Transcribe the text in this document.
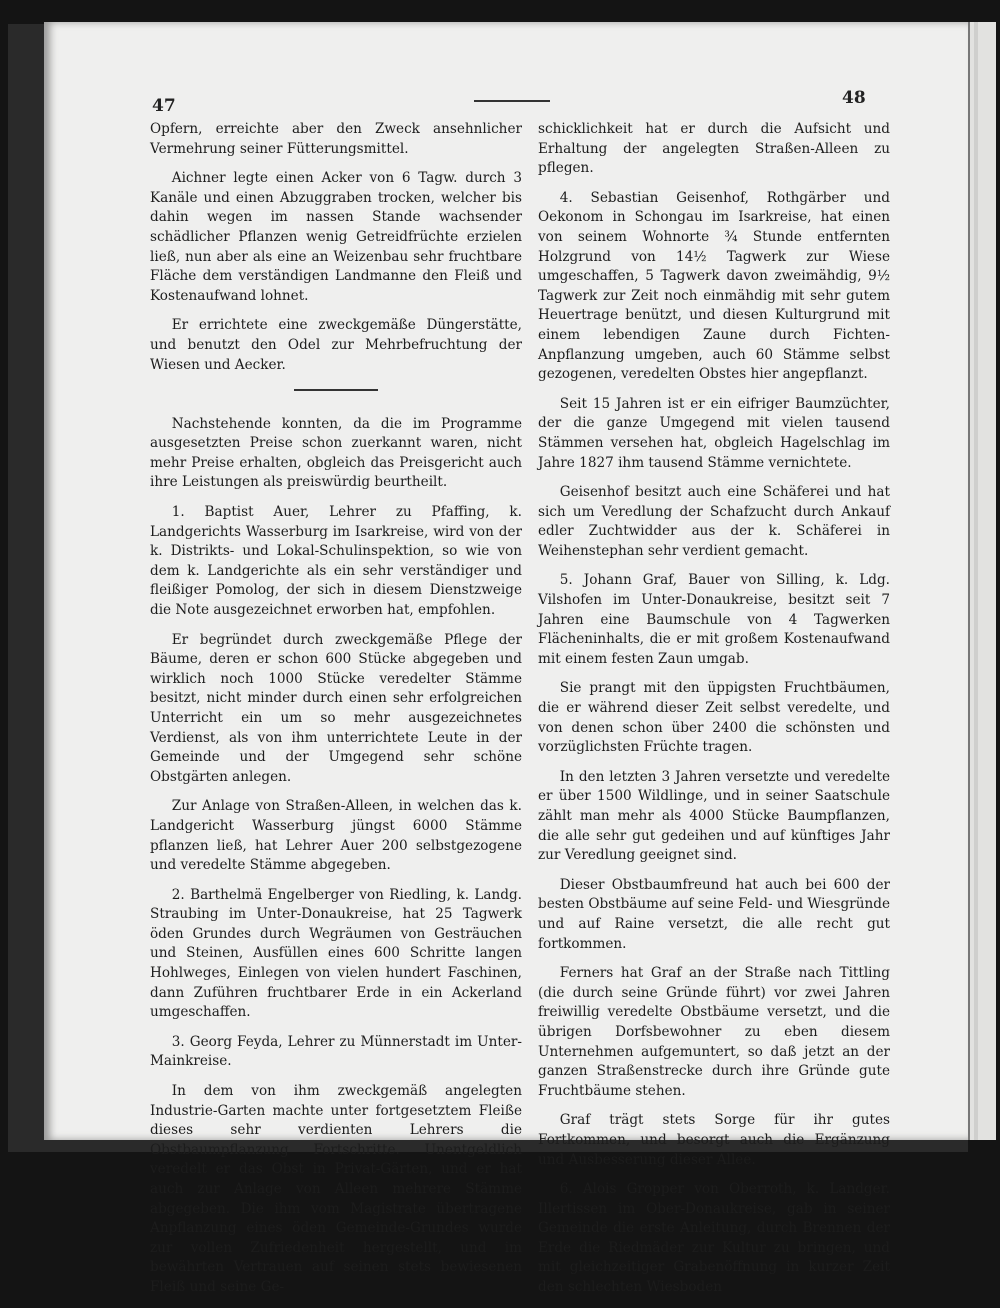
47	48

Opfern, erreichte aber den Zweck ansehnlicher Vermehrung seiner Fütterungsmittel.

Aichner legte einen Acker von 6 Tagw. durch 3 Kanäle und einen Abzuggraben trocken, welcher bis dahin wegen im nassen Stande wachsender schädlicher Pflanzen wenig Getreidfrüchte erzielen ließ, nun aber als eine an Weizenbau sehr fruchtbare Fläche dem verständigen Landmanne den Fleiß und Kostenaufwand lohnet.

Er errichtete eine zweckgemäße Düngerstätte, und benutzt den Odel zur Mehrbefruchtung der Wiesen und Aecker.

Nachstehende konnten, da die im Programme ausgesetzten Preise schon zuerkannt waren, nicht mehr Preise erhalten, obgleich das Preisgericht auch ihre Leistungen als preiswürdig beurtheilt.

1. Baptist Auer, Lehrer zu Pfaffing, k. Landgerichts Wasserburg im Isarkreise, wird von der k. Distrikts- und Lokal-Schulinspektion, so wie von dem k. Landgerichte als ein sehr verständiger und fleißiger Pomolog, der sich in diesem Dienstzweige die Note ausgezeichnet erworben hat, empfohlen.

Er begründet durch zweckgemäße Pflege der Bäume, deren er schon 600 Stücke abgegeben und wirklich noch 1000 Stücke veredelter Stämme besitzt, nicht minder durch einen sehr erfolgreichen Unterricht ein um so mehr ausgezeichnetes Verdienst, als von ihm unterrichtete Leute in der Gemeinde und der Umgegend sehr schöne Obstgärten anlegen.

Zur Anlage von Straßen-Alleen, in welchen das k. Landgericht Wasserburg jüngst 6000 Stämme pflanzen ließ, hat Lehrer Auer 200 selbstgezogene und veredelte Stämme abgegeben.

2. Barthelmä Engelberger von Riedling, k. Landg. Straubing im Unter-Donaukreise, hat 25 Tagwerk öden Grundes durch Wegräumen von Gesträuchen und Steinen, Ausfüllen eines 600 Schritte langen Hohlweges, Einlegen von vielen hundert Faschinen, dann Zuführen fruchtbarer Erde in ein Ackerland umgeschaffen.

3. Georg Feyda, Lehrer zu Münnerstadt im Unter-Mainkreise.

In dem von ihm zweckgemäß angelegten Industrie-Garten machte unter fortgesetztem Fleiße dieses sehr verdienten Lehrers die Obstbaumpflanzung Fortschritte. Unentgeldlich veredelt er das Obst in Privat-Gärten, und er hat auch zur Anlage von Alleen mehrere Stämme abgegeben. Die ihm vom Magistrate übertragene Anpflanzung eines öden Gemeinde-Grundes wurde zur vollen Zufriedenheit hergestellt, und im bewährten Vertrauen auf seinen stets bewiesenen Fleiß und seine Ge-

schicklichkeit hat er durch die Aufsicht und Erhaltung der angelegten Straßen-Alleen zu pflegen.

4. Sebastian Geisenhof, Rothgärber und Oekonom in Schongau im Isarkreise, hat einen von seinem Wohnorte ¾ Stunde entfernten Holzgrund von 14½ Tagwerk zur Wiese umgeschaffen, 5 Tagwerk davon zweimähdig, 9½ Tagwerk zur Zeit noch einmähdig mit sehr gutem Heuertrage benützt, und diesen Kulturgrund mit einem lebendigen Zaune durch Fichten-Anpflanzung umgeben, auch 60 Stämme selbst gezogenen, veredelten Obstes hier angepflanzt.

Seit 15 Jahren ist er ein eifriger Baumzüchter, der die ganze Umgegend mit vielen tausend Stämmen versehen hat, obgleich Hagelschlag im Jahre 1827 ihm tausend Stämme vernichtete.

Geisenhof besitzt auch eine Schäferei und hat sich um Veredlung der Schafzucht durch Ankauf edler Zuchtwidder aus der k. Schäferei in Weihenstephan sehr verdient gemacht.

5. Johann Graf, Bauer von Silling, k. Ldg. Vilshofen im Unter-Donaukreise, besitzt seit 7 Jahren eine Baumschule von 4 Tagwerken Flächeninhalts, die er mit großem Kostenaufwand mit einem festen Zaun umgab.

Sie prangt mit den üppigsten Fruchtbäumen, die er während dieser Zeit selbst veredelte, und von denen schon über 2400 die schönsten und vorzüglichsten Früchte tragen.

In den letzten 3 Jahren versetzte und veredelte er über 1500 Wildlinge, und in seiner Saatschule zählt man mehr als 4000 Stücke Baumpflanzen, die alle sehr gut gedeihen und auf künftiges Jahr zur Veredlung geeignet sind.

Dieser Obstbaumfreund hat auch bei 600 der besten Obstbäume auf seine Feld- und Wiesgründe und auf Raine versetzt, die alle recht gut fortkommen.

Ferners hat Graf an der Straße nach Tittling (die durch seine Gründe führt) vor zwei Jahren freiwillig veredelte Obstbäume versetzt, und die übrigen Dorfsbewohner zu eben diesem Unternehmen aufgemuntert, so daß jetzt an der ganzen Straßenstrecke durch ihre Gründe gute Fruchtbäume stehen.

Graf trägt stets Sorge für ihr gutes Fortkommen, und besorgt auch die Ergänzung und Ausbesserung dieser Allee.

6. Alois Gropper von Oberroth, k. Landger. Illertissen im Ober-Donaukreise, gab in seiner Gemeinde die erste Anleitung, durch Brennen der Erde die Riedmäder zur Kultur zu bringen, und mit gleichzeitiger Grabenöffnung in kurzer Zeit den schlechten Wiesboden
